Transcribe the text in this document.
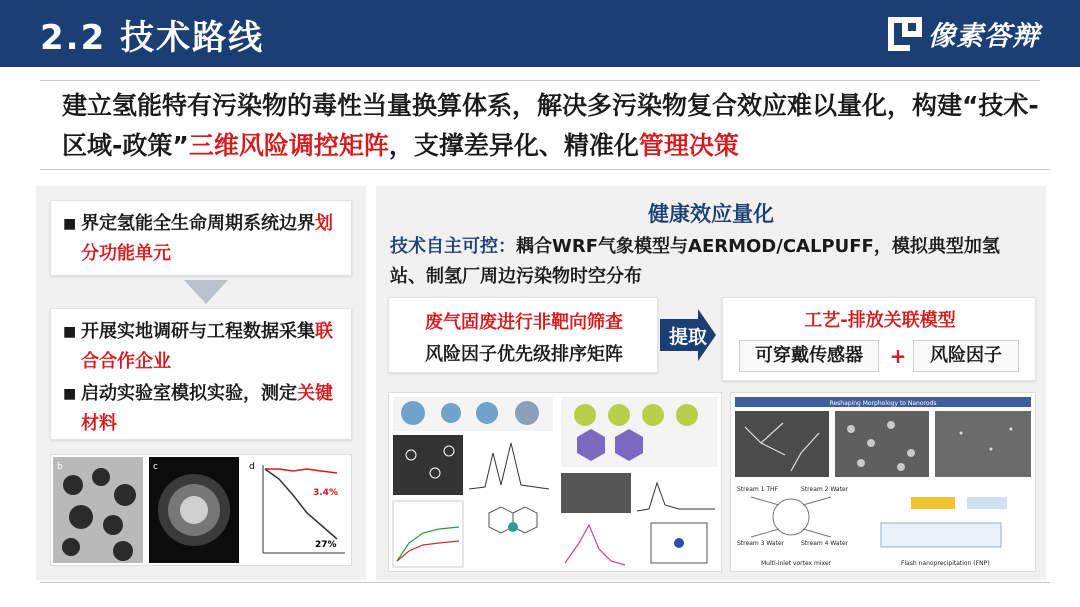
2.2 技术路线	像素答辩
建立氢能特有污染物的毒性当量换算体系，解决多污染物复合效应难以量化，构建“技术-区域-政策”三维风险调控矩阵，支撑差异化、精准化管理决策
■ 界定氢能全生命周期系统边界划分功能单元
■ 开展实地调研与工程数据采集联合合作企业
■ 启动实验室模拟实验，测定关键材料
b	c	d
3.4%
27%
健康效应量化
技术自主可控：耦合WRF气象模型与AERMOD/CALPUFF，模拟典型加氢站、制氢厂周边污染物时空分布
废气固废进行非靶向筛查
风险因子优先级排序矩阵
提取
工艺-排放关联模型
可穿戴传感器	+	风险因子
Reshaping Morphology to Nanorods
Stream 1 THF	Stream 2 Water
Stream 3 Water	Stream 4 Water
Multi-inlet vortex mixer	Flash nanoprecipitation (FNP)
